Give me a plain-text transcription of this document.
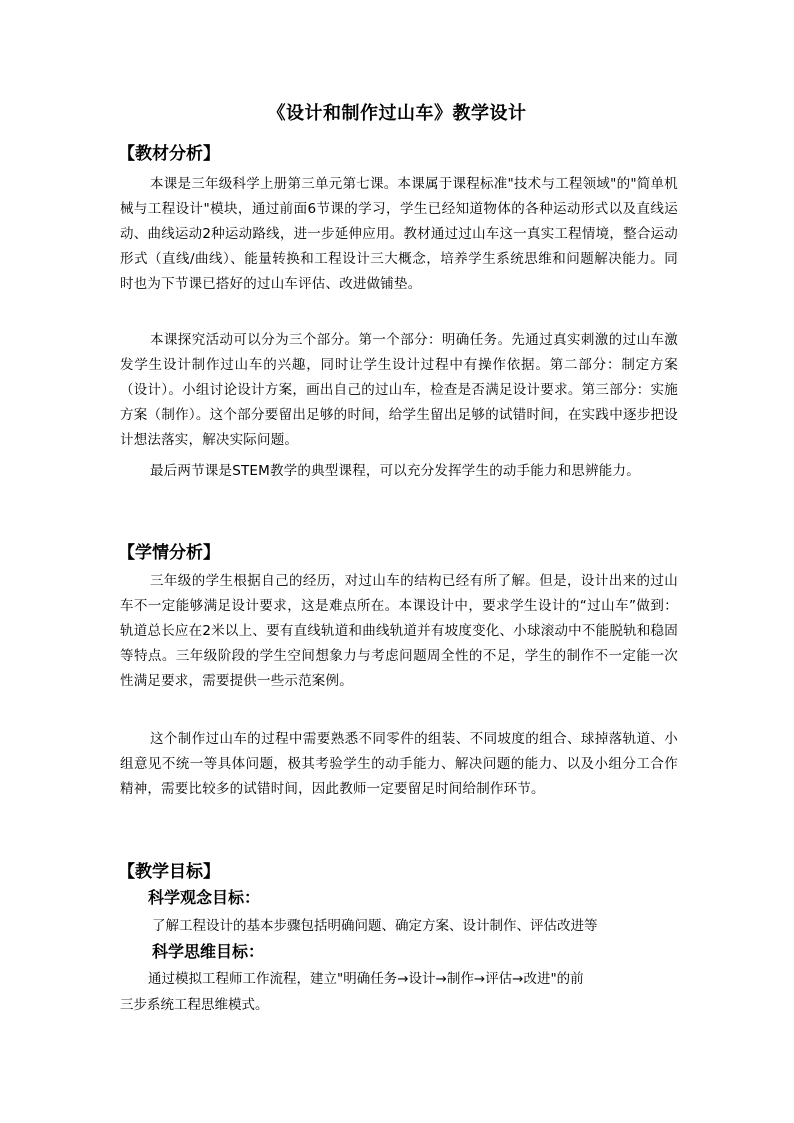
《设计和制作过山车》教学设计
【教材分析】

本课是三年级科学上册第三单元第七课。本课属于课程标准"技术与工程领域"的"简单机械与工程设计"模块，通过前面6节课的学习，学生已经知道物体的各种运动形式以及直线运动、曲线运动2种运动路线，进一步延伸应用。教材通过过山车这一真实工程情境，整合运动形式（直线/曲线）、能量转换和工程设计三大概念，培养学生系统思维和问题解决能力。同时也为下节课已搭好的过山车评估、改进做铺垫。

本课探究活动可以分为三个部分。第一个部分：明确任务。先通过真实刺激的过山车激发学生设计制作过山车的兴趣，同时让学生设计过程中有操作依据。第二部分：制定方案（设计）。小组讨论设计方案，画出自己的过山车，检查是否满足设计要求。第三部分：实施方案（制作）。这个部分要留出足够的时间，给学生留出足够的试错时间，在实践中逐步把设计想法落实，解决实际问题。

最后两节课是STEM教学的典型课程，可以充分发挥学生的动手能力和思辨能力。

【学情分析】

三年级的学生根据自己的经历，对过山车的结构已经有所了解。但是，设计出来的过山车不一定能够满足设计要求，这是难点所在。本课设计中，要求学生设计的“过山车”做到：轨道总长应在2米以上、要有直线轨道和曲线轨道并有坡度变化、小球滚动中不能脱轨和稳固等特点。三年级阶段的学生空间想象力与考虑问题周全性的不足，学生的制作不一定能一次性满足要求，需要提供一些示范案例。

这个制作过山车的过程中需要熟悉不同零件的组装、不同坡度的组合、球掉落轨道、小组意见不统一等具体问题，极其考验学生的动手能力、解决问题的能力、以及小组分工合作精神，需要比较多的试错时间，因此教师一定要留足时间给制作环节。

【教学目标】
科学观念目标：

了解工程设计的基本步骤包括明确问题、确定方案、设计制作、评估改进等

科学思维目标：

通过模拟工程师工作流程，建立"明确任务→设计→制作→评估→改进"的前

三步系统工程思维模式。
